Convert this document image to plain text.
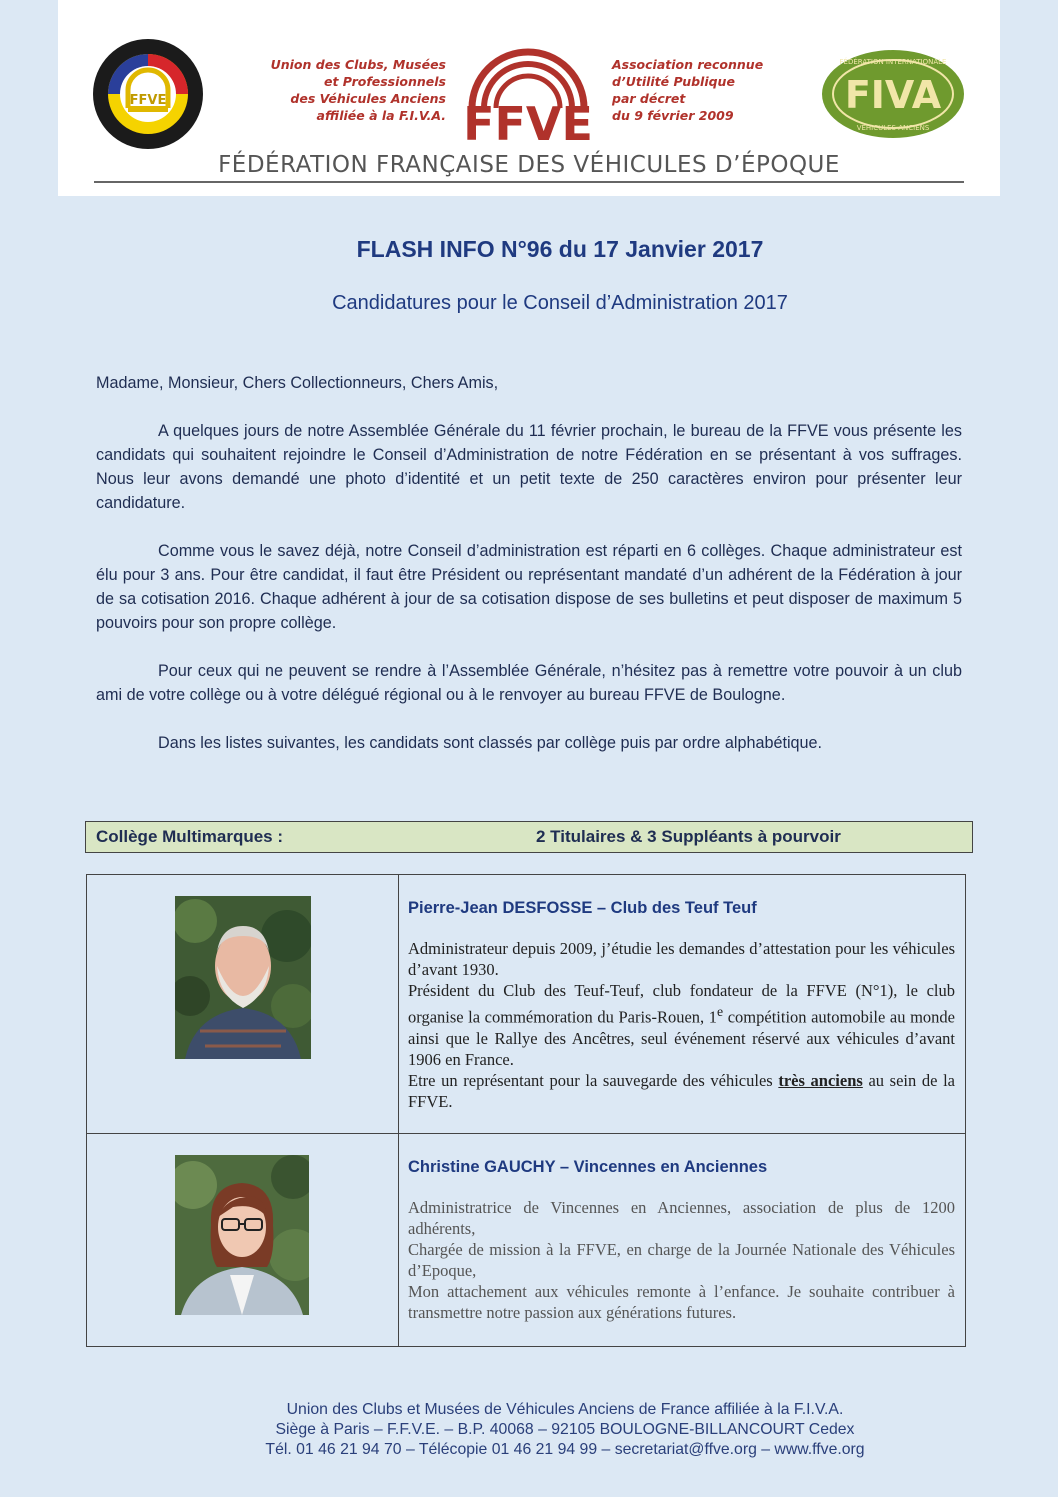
FFVE
Union des Clubs, Musées
et Professionnels
des Véhicules Anciens
affiliée à la F.I.V.A. FFVE
Association reconnue
d’Utilité Publique
par décret
du 9 février 2009	FIVA
FÉDÉRATION INTERNATIONALE
VÉHICULES ANCIENS
FÉDÉRATION FRANÇAISE DES VÉHICULES D’ÉPOQUE
FLASH INFO N°96 du 17 Janvier 2017
Candidatures pour le Conseil d’Administration 2017

Madame, Monsieur, Chers Collectionneurs, Chers Amis,

A quelques jours de notre Assemblée Générale du 11 février prochain, le bureau de la FFVE vous présente les candidats qui souhaitent rejoindre le Conseil d’Administration de notre Fédération en se présentant à vos suffrages. Nous leur avons demandé une photo d’identité et un petit texte de 250 caractères environ pour présenter leur candidature.

Comme vous le savez déjà, notre Conseil d’administration est réparti en 6 collèges. Chaque administrateur est élu pour 3 ans. Pour être candidat, il faut être Président ou représentant mandaté d’un adhérent de la Fédération à jour de sa cotisation 2016. Chaque adhérent à jour de sa cotisation dispose de ses bulletins et peut disposer de maximum 5 pouvoirs pour son propre collège.

Pour ceux qui ne peuvent se rendre à l’Assemblée Générale, n’hésitez pas à remettre votre pouvoir à un club ami de votre collège ou à votre délégué régional ou à le renvoyer au bureau FFVE de Boulogne.

Dans les listes suivantes, les candidats sont classés par collège puis par ordre alphabétique.

Collège Multimarques :	2 Titulaires & 3 Suppléants à pourvoir
Pierre-Jean DESFOSSE – Club des Teuf Teuf

Administrateur depuis 2009, j’étudie les demandes d’attestation pour les véhicules d’avant 1930.

Président du Club des Teuf-Teuf, club fondateur de la FFVE (N°1), le club organise la commémoration du Paris-Rouen, 1e compétition automobile au monde ainsi que le Rallye des Ancêtres, seul événement réservé aux véhicules d’avant 1906 en France.

Etre un représentant pour la sauvegarde des véhicules très anciens au sein de la FFVE.

Christine GAUCHY – Vincennes en Anciennes

Administratrice de Vincennes en Anciennes, association de plus de 1200 adhérents,

Chargée de mission à la FFVE, en charge de la Journée Nationale des Véhicules d’Epoque,

Mon attachement aux véhicules remonte à l’enfance. Je souhaite contribuer à transmettre notre passion aux générations futures.

Union des Clubs et Musées de Véhicules Anciens de France affiliée à la F.I.V.A.
Siège à Paris – F.F.V.E. – B.P. 40068 – 92105 BOULOGNE-BILLANCOURT Cedex
Tél. 01 46 21 94 70 – Télécopie 01 46 21 94 99 – secretariat@ffve.org – www.ffve.org
